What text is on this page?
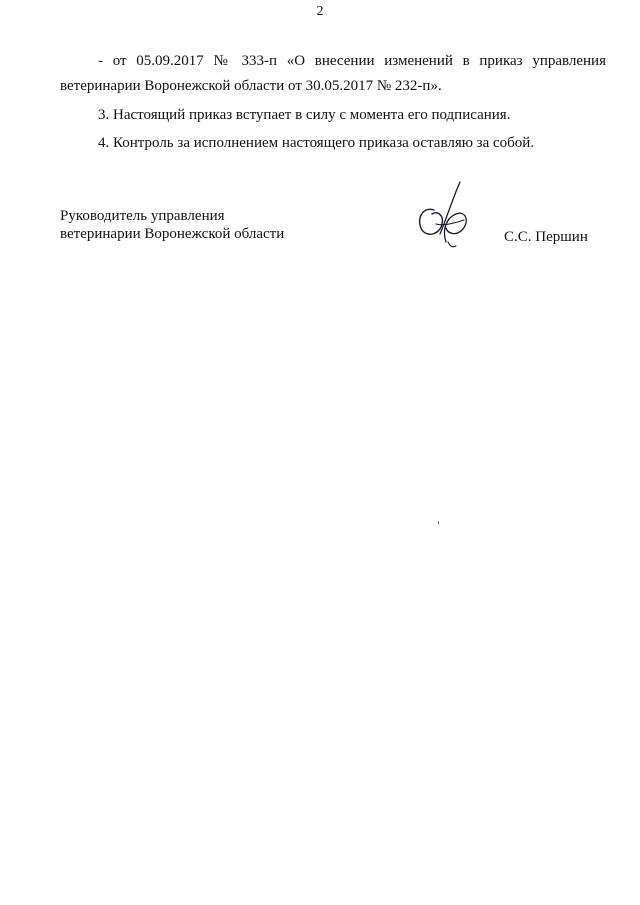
2

- от 05.09.2017 № 333-п «О внесении изменений в приказ управления

ветеринарии Воронежской области от 30.05.2017 № 232-п».

3. Настоящий приказ вступает в силу с момента его подписания.

4. Контроль за исполнением настоящего приказа оставляю за собой.

Руководитель управления
ветеринарии Воронежской области	С.С. Першин
